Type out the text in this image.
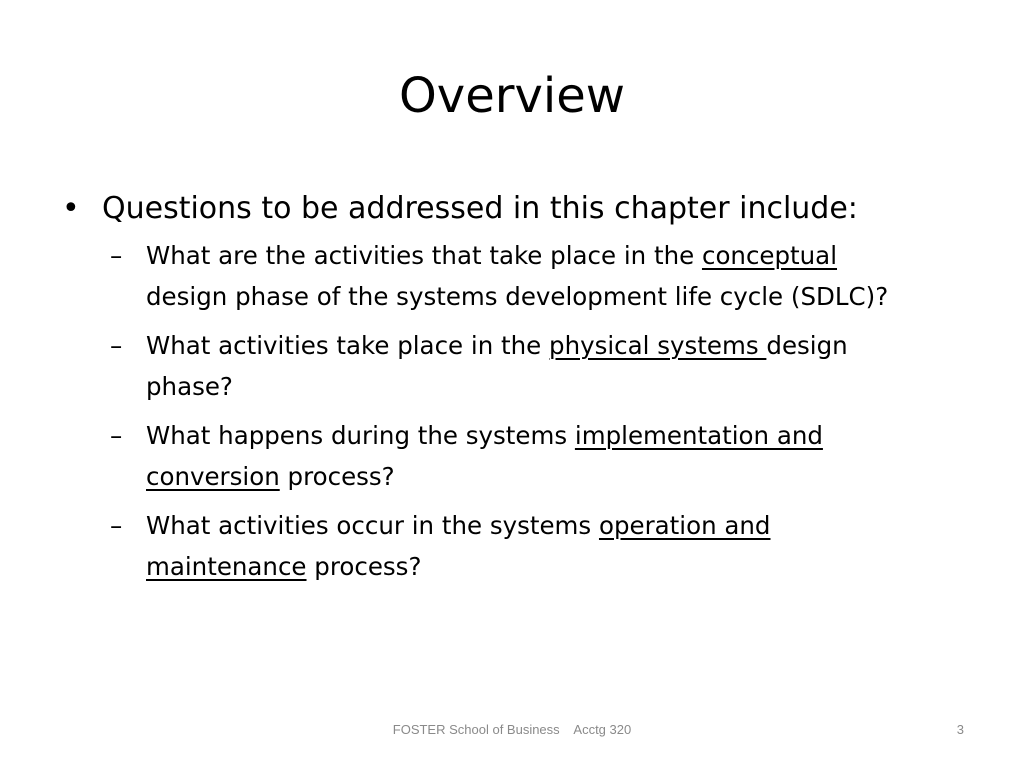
Overview
• Questions to be addressed in this chapter include:
– What are the activities that take place in the conceptual design phase of the systems development life cycle (SDLC)?
– What activities take place in the physical systems design phase?
– What happens during the systems implementation and conversion process?
– What activities occur in the systems operation and maintenance process?
FOSTER School of Business    Acctg 320	3
